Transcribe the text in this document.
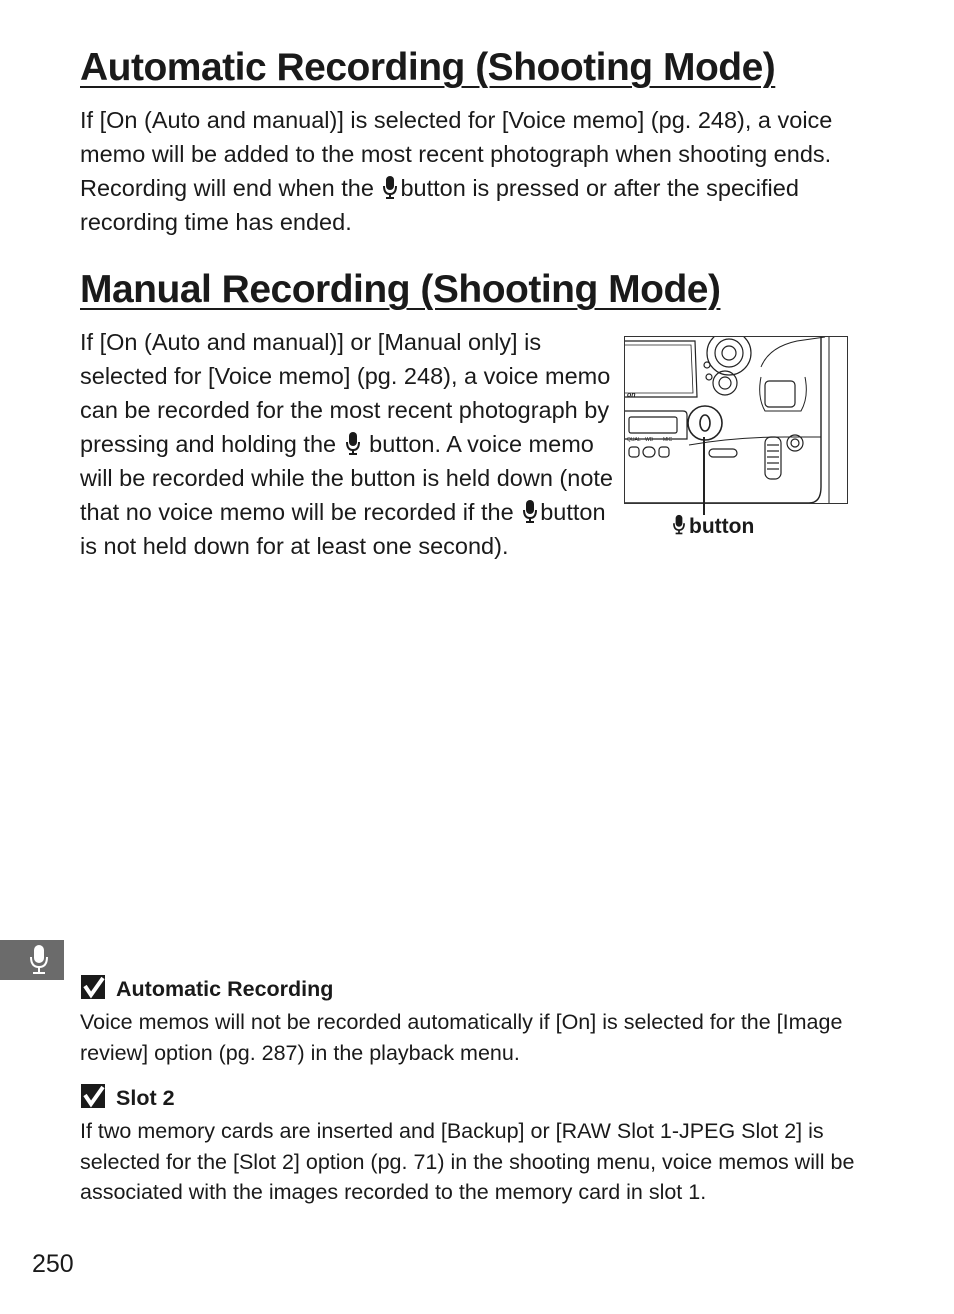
Automatic Recording (Shooting Mode)

If [On (Auto and manual)] is selected for [Voice memo] (pg. 248), a voice memo will be added to the most recent photograph when shooting ends. Recording will end when the button is pressed or after the specified recording time has ended.

Manual Recording (Shooting Mode)

If [On (Auto and manual)] or [Manual only] is selected for [Voice memo] (pg. 248), a voice memo can be recorded for the most recent photograph by pressing and holding the button. A voice memo will be recorded while the button is held down (note that no voice memo will be recorded if the button is not held down for at least one second).

on
QUAL WB MIC
button
Automatic Recording

Voice memos will not be recorded automatically if [On] is selected for the [Image review] option (pg. 287) in the playback menu.

Slot 2

If two memory cards are inserted and [Backup] or [RAW Slot 1-JPEG Slot 2] is selected for the [Slot 2] option (pg. 71) in the shooting menu, voice memos will be associated with the images recorded to the memory card in slot 1.

250
